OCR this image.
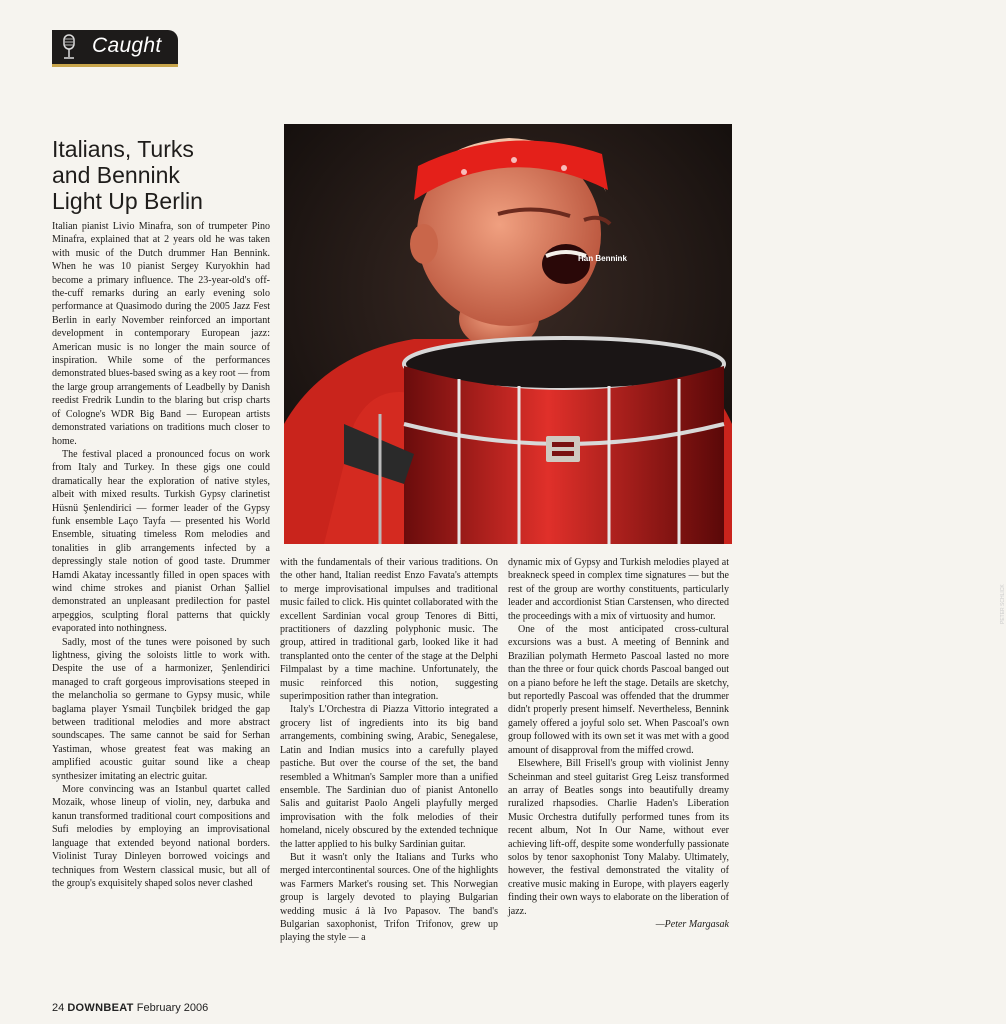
Caught
Han Bennink
PETER SCHLICK
Italians, Turks
and Bennink
Light Up Berlin

Italian pianist Livio Minafra, son of trumpeter Pino Minafra, explained that at 2 years old he was taken with music of the Dutch drummer Han Bennink. When he was 10 pianist Sergey Kuryokhin had become a primary influence. The 23-year-old's off-the-cuff remarks during an early evening solo performance at Quasimodo during the 2005 Jazz Fest Berlin in early November reinforced an important development in contemporary European jazz: American music is no longer the main source of inspiration. While some of the performances demonstrated blues-based swing as a key root — from the large group arrangements of Leadbelly by Danish reedist Fredrik Lundin to the blaring but crisp charts of Cologne's WDR Big Band — European artists demonstrated variations on traditions much closer to home.

The festival placed a pronounced focus on work from Italy and Turkey. In these gigs one could dramatically hear the exploration of native styles, albeit with mixed results. Turkish Gypsy clarinetist Hüsnü Şenlendirici — former leader of the Gypsy funk ensemble Laço Tayfa — presented his World Ensemble, situating timeless Rom melodies and tonalities in glib arrangements infected by a depressingly stale notion of good taste. Drummer Hamdi Akatay incessantly filled in open spaces with wind chime strokes and pianist Orhan Şalliel demonstrated an unpleasant predilection for pastel arpeggios, sculpting floral patterns that quickly evaporated into nothingness.

Sadly, most of the tunes were poisoned by such lightness, giving the soloists little to work with. Despite the use of a harmonizer, Şenlendirici managed to craft gorgeous improvisations steeped in the melancholia so germane to Gypsy music, while baglama player Ysmail Tunçbilek bridged the gap between traditional melodies and more abstract soundscapes. The same cannot be said for Serhan Yastiman, whose greatest feat was making an amplified acoustic guitar sound like a cheap synthesizer imitating an electric guitar.

More convincing was an Istanbul quartet called Mozaik, whose lineup of violin, ney, darbuka and kanun transformed traditional court compositions and Sufi melodies by employing an improvisational language that extended beyond national borders. Violinist Turay Dinleyen borrowed voicings and techniques from Western classical music, but all of the group's exquisitely shaped solos never clashed

with the fundamentals of their various traditions. On the other hand, Italian reedist Enzo Favata's attempts to merge improvisational impulses and traditional music failed to click. His quintet collaborated with the excellent Sardinian vocal group Tenores di Bitti, practitioners of dazzling polyphonic music. The group, attired in traditional garb, looked like it had transplanted onto the center of the stage at the Delphi Filmpalast by a time machine. Unfortunately, the music reinforced this notion, suggesting superimposition rather than integration.

Italy's L'Orchestra di Piazza Vittorio integrated a grocery list of ingredients into its big band arrangements, combining swing, Arabic, Senegalese, Latin and Indian musics into a carefully played pastiche. But over the course of the set, the band resembled a Whitman's Sampler more than a unified ensemble. The Sardinian duo of pianist Antonello Salis and guitarist Paolo Angeli playfully merged improvisation with the folk melodies of their homeland, nicely obscured by the extended technique the latter applied to his bulky Sardinian guitar.

But it wasn't only the Italians and Turks who merged intercontinental sources. One of the highlights was Farmers Market's rousing set. This Norwegian group is largely devoted to playing Bulgarian wedding music á là Ivo Papasov. The band's Bulgarian saxophonist, Trifon Trifonov, grew up playing the style — a

dynamic mix of Gypsy and Turkish melodies played at breakneck speed in complex time signatures — but the rest of the group are worthy constituents, particularly leader and accordionist Stian Carstensen, who directed the proceedings with a mix of virtuosity and humor.

One of the most anticipated cross-cultural excursions was a bust. A meeting of Bennink and Brazilian polymath Hermeto Pascoal lasted no more than the three or four quick chords Pascoal banged out on a piano before he left the stage. Details are sketchy, but reportedly Pascoal was offended that the drummer didn't properly present himself. Nevertheless, Bennink gamely offered a joyful solo set. When Pascoal's own group followed with its own set it was met with a good amount of disapproval from the miffed crowd.

Elsewhere, Bill Frisell's group with violinist Jenny Scheinman and steel guitarist Greg Leisz transformed an array of Beatles songs into beautifully dreamy ruralized rhapsodies. Charlie Haden's Liberation Music Orchestra dutifully performed tunes from its recent album, Not In Our Name, without ever achieving lift-off, despite some wonderfully passionate solos by tenor saxophonist Tony Malaby. Ultimately, however, the festival demonstrated the vitality of creative music making in Europe, with players eagerly finding their own ways to elaborate on the liberation of jazz.

—Peter Margasak

24 DOWNBEAT February 2006
